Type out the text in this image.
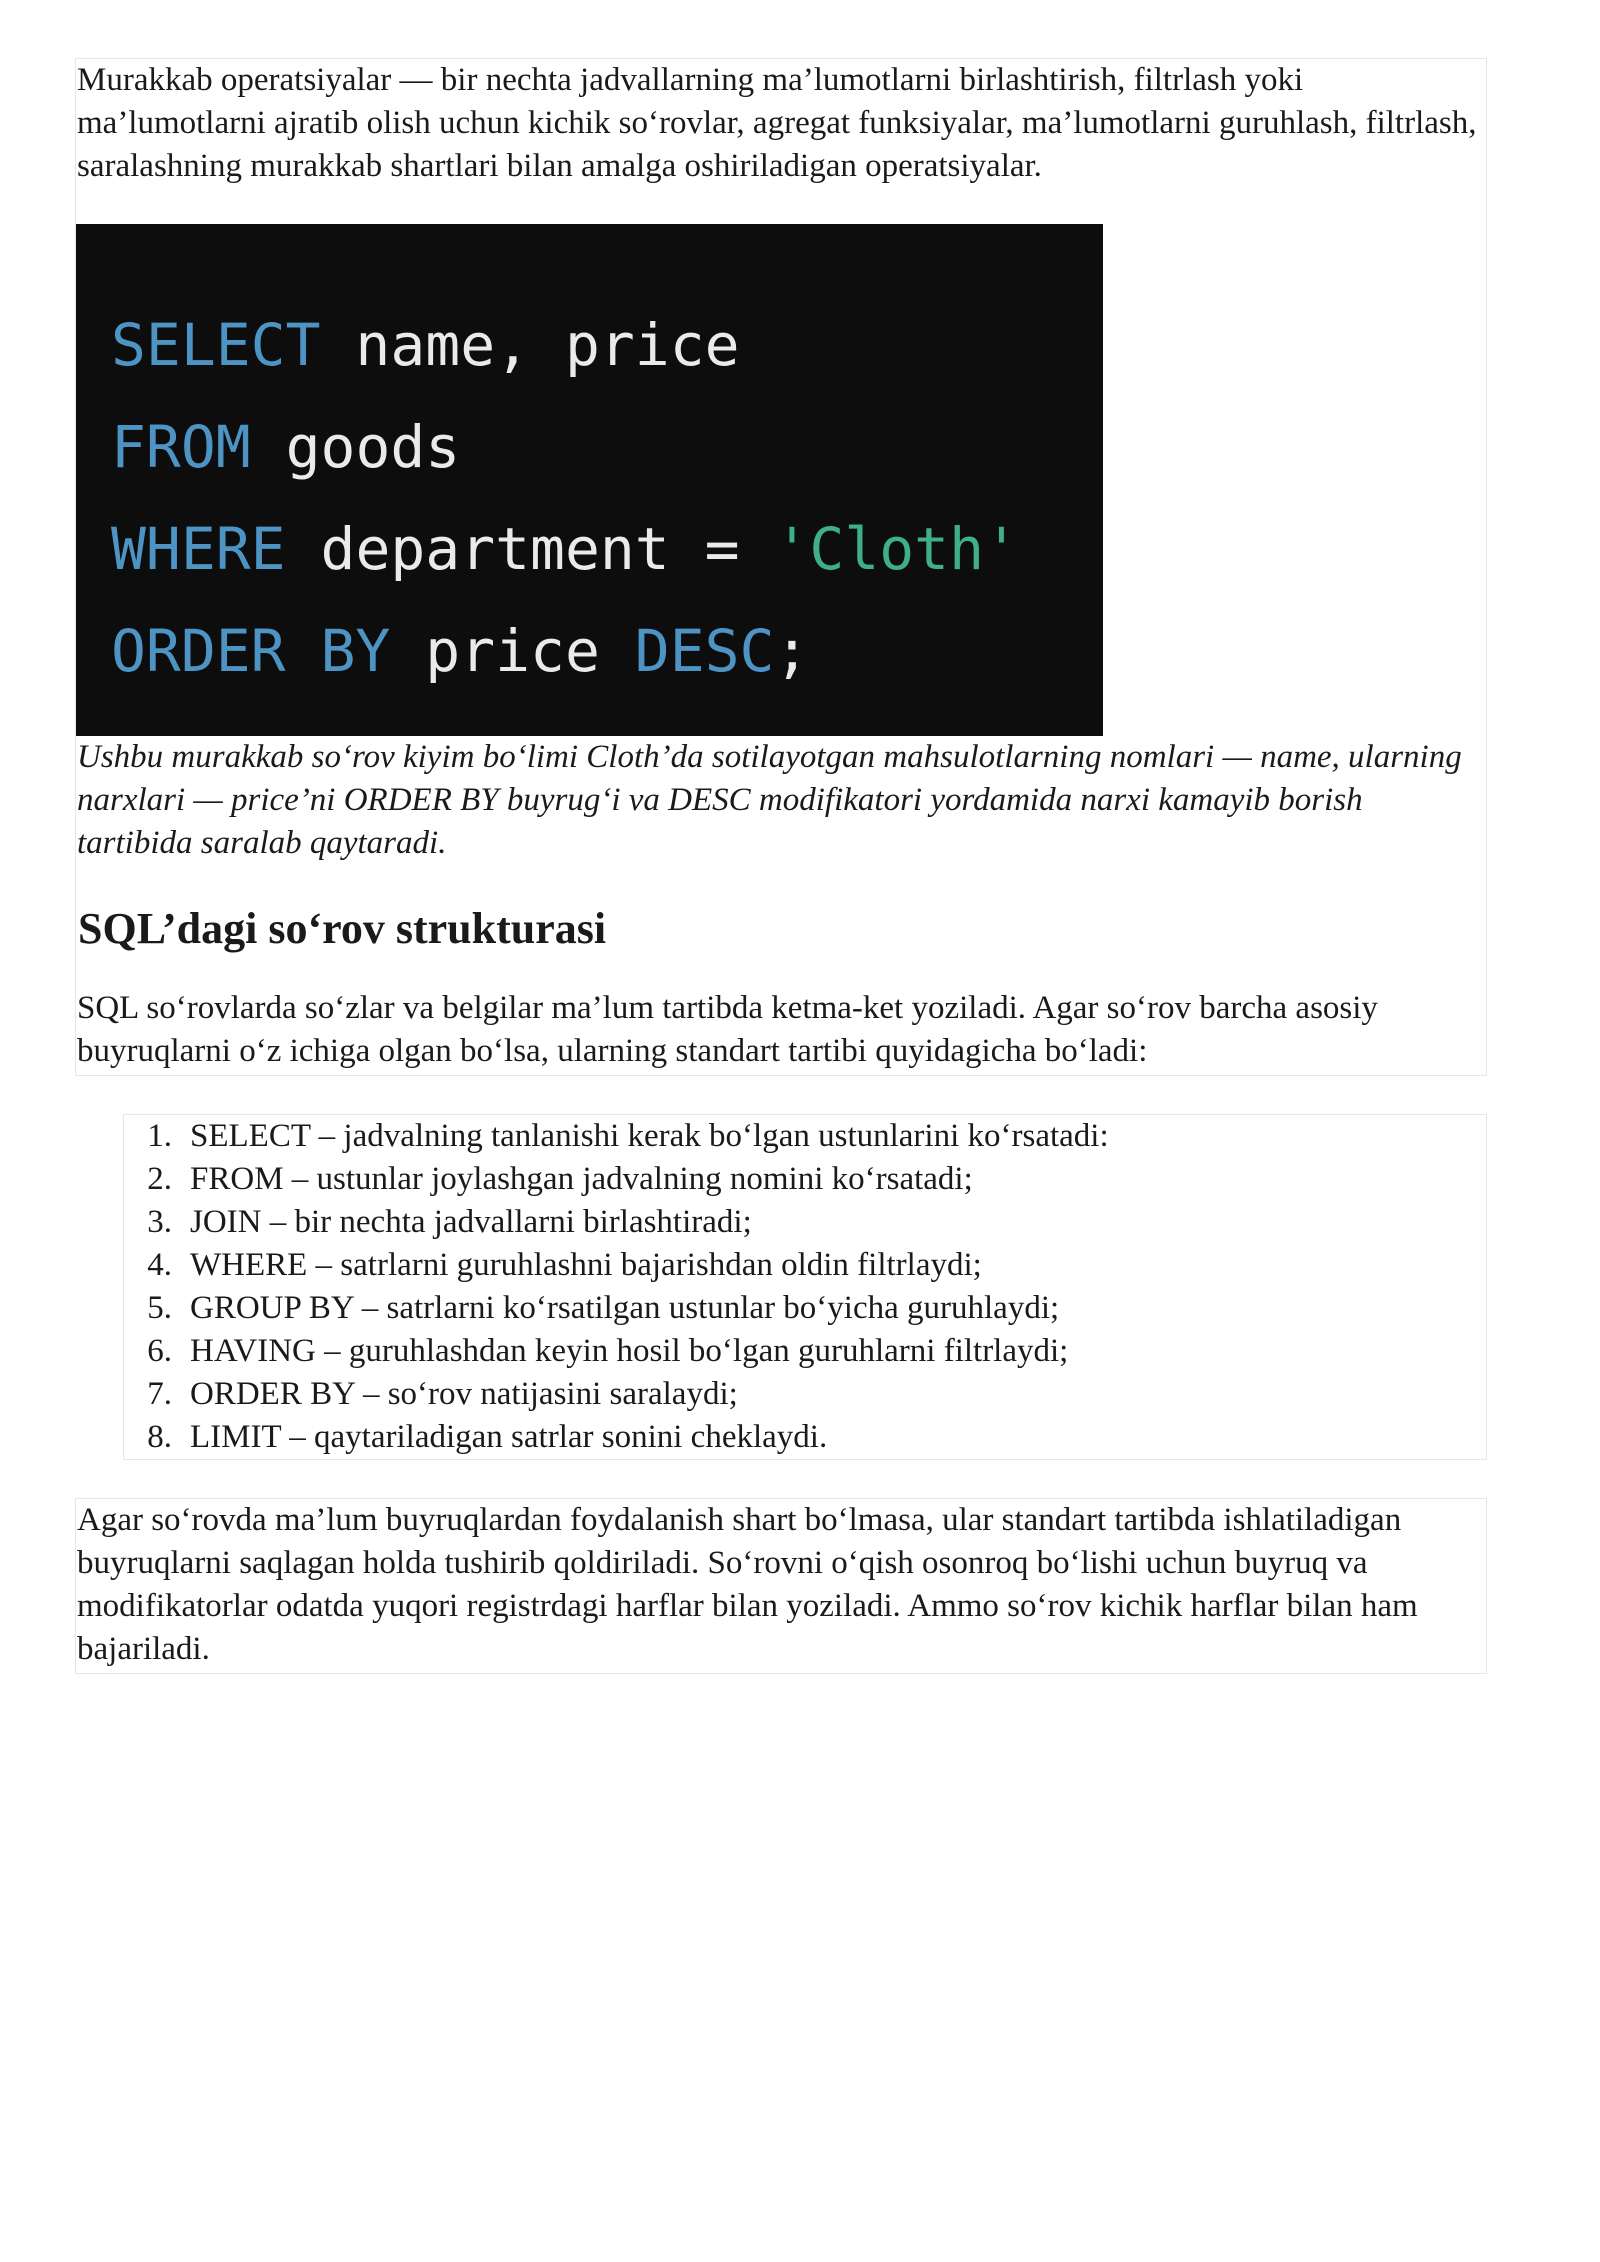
Murakkab operatsiyalar — bir nechta jadvallarning ma’lumotlarni birlashtirish, filtrlash yoki ma’lumotlarni ajratib olish uchun kichik so‘rovlar, agregat funksiyalar, ma’lumotlarni guruhlash, filtrlash, saralashning murakkab shartlari bilan amalga oshiriladigan operatsiyalar.

SELECT name, price
FROM goods
WHERE department = 'Cloth'
ORDER BY price DESC;

Ushbu murakkab so‘rov kiyim bo‘limi Cloth’da sotilayotgan mahsulotlarning nomlari — name, ularning narxlari — price’ni ORDER BY buyrug‘i va DESC modifikatori yordamida narxi kamayib borish tartibida saralab qaytaradi.

SQL’dagi so‘rov strukturasi

SQL so‘rovlarda so‘zlar va belgilar ma’lum tartibda ketma-ket yoziladi. Agar so‘rov barcha asosiy buyruqlarni o‘z ichiga olgan bo‘lsa, ularning standart tartibi quyidagicha bo‘ladi:

1. SELECT – jadvalning tanlanishi kerak bo‘lgan ustunlarini ko‘rsatadi:
2. FROM – ustunlar joylashgan jadvalning nomini ko‘rsatadi;
3. JOIN – bir nechta jadvallarni birlashtiradi;
4. WHERE – satrlarni guruhlashni bajarishdan oldin filtrlaydi;
5. GROUP BY – satrlarni ko‘rsatilgan ustunlar bo‘yicha guruhlaydi;
6. HAVING – guruhlashdan keyin hosil bo‘lgan guruhlarni filtrlaydi;
7. ORDER BY – so‘rov natijasini saralaydi;
8. LIMIT – qaytariladigan satrlar sonini cheklaydi.

Agar so‘rovda ma’lum buyruqlardan foydalanish shart bo‘lmasa, ular standart tartibda ishlatiladigan buyruqlarni saqlagan holda tushirib qoldiriladi. So‘rovni o‘qish osonroq bo‘lishi uchun buyruq va modifikatorlar odatda yuqori registrdagi harflar bilan yoziladi. Ammo so‘rov kichik harflar bilan ham bajariladi.
